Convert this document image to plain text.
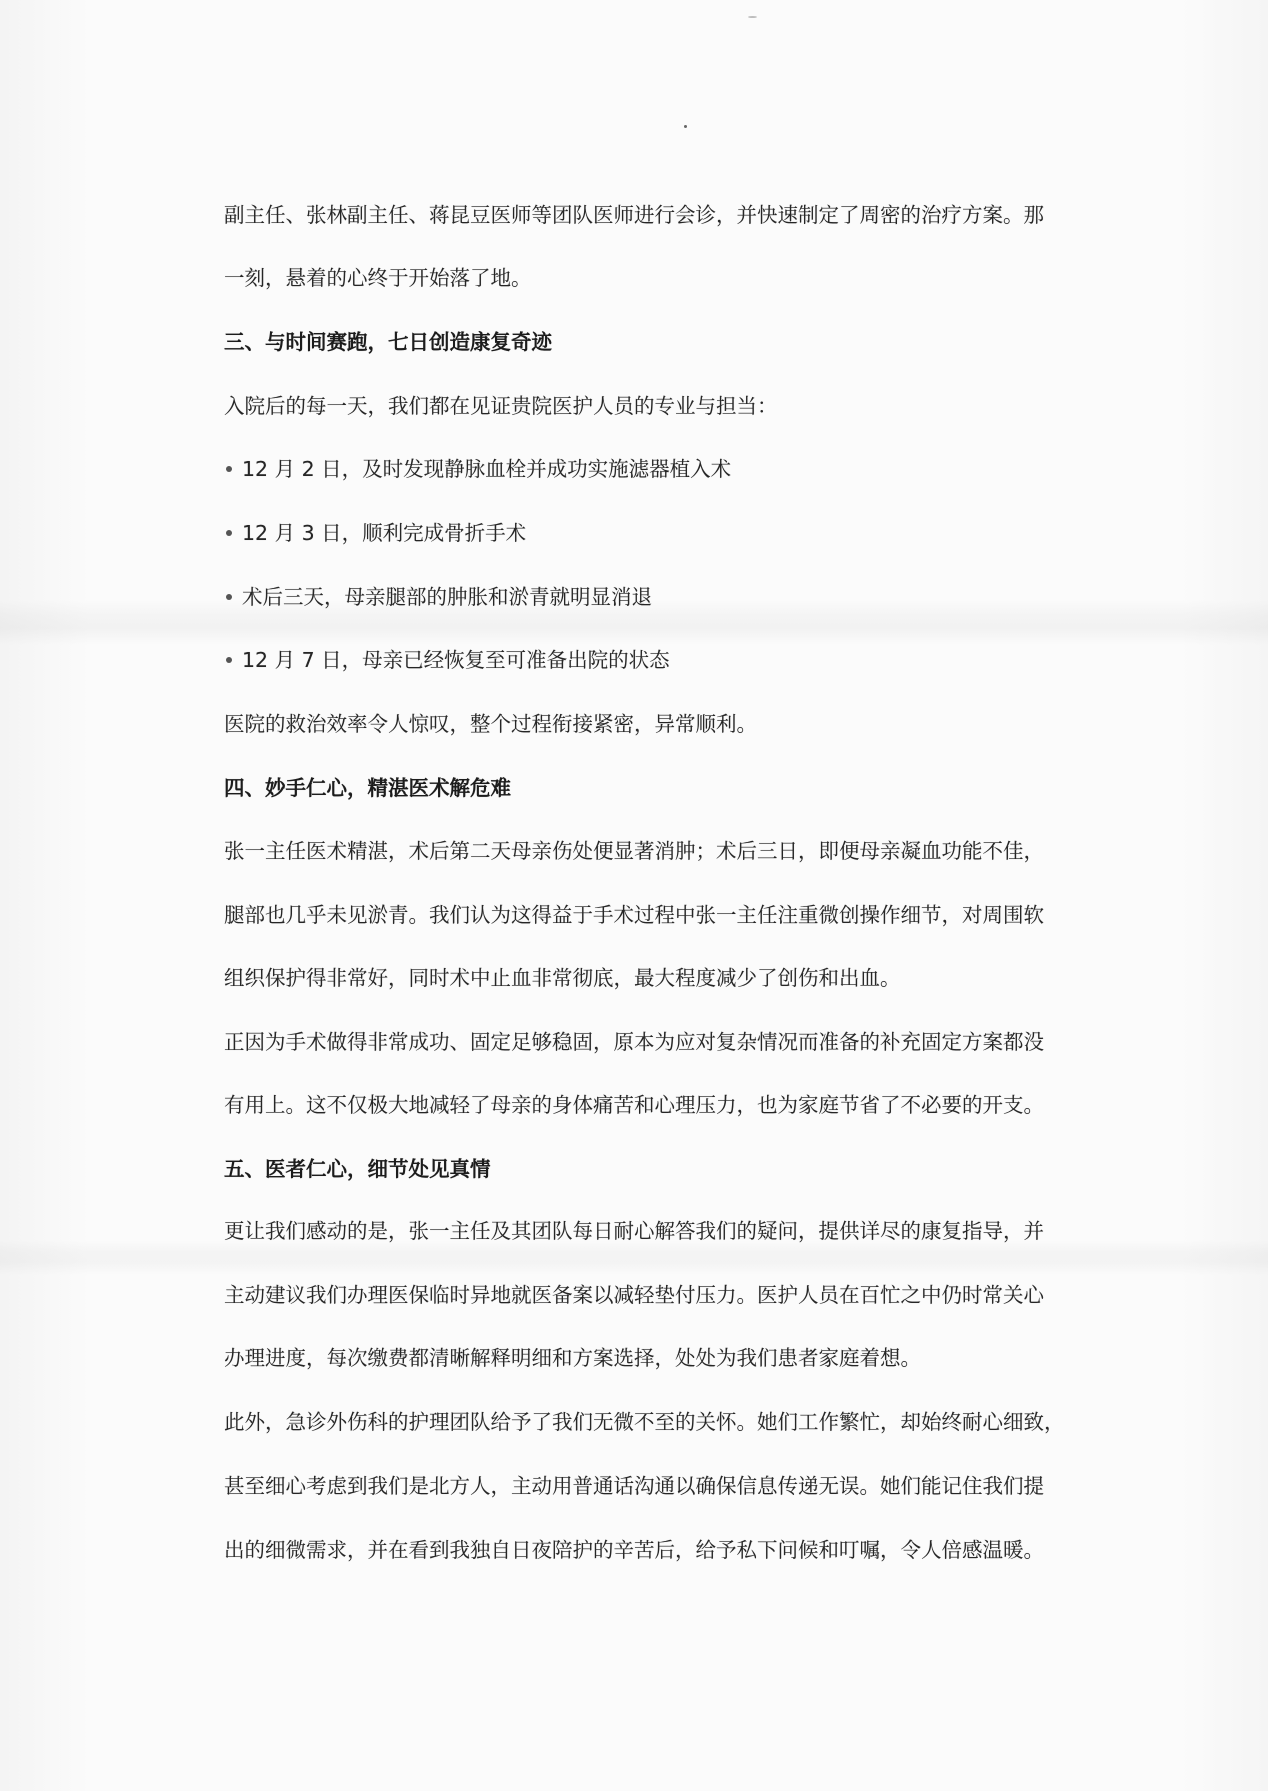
副主任、张林副主任、蒋昆豆医师等团队医师进行会诊，并快速制定了周密的治疗方案。那
一刻，悬着的心终于开始落了地。
三、与时间赛跑，七日创造康复奇迹
入院后的每一天，我们都在见证贵院医护人员的专业与担当：
12 月 2 日，及时发现静脉血栓并成功实施滤器植入术
12 月 3 日，顺利完成骨折手术
术后三天，母亲腿部的肿胀和淤青就明显消退
12 月 7 日，母亲已经恢复至可准备出院的状态
医院的救治效率令人惊叹，整个过程衔接紧密，异常顺利。
四、妙手仁心，精湛医术解危难
张一主任医术精湛，术后第二天母亲伤处便显著消肿；术后三日，即便母亲凝血功能不佳，
腿部也几乎未见淤青。我们认为这得益于手术过程中张一主任注重微创操作细节，对周围软
组织保护得非常好，同时术中止血非常彻底，最大程度减少了创伤和出血。
正因为手术做得非常成功、固定足够稳固，原本为应对复杂情况而准备的补充固定方案都没
有用上。这不仅极大地减轻了母亲的身体痛苦和心理压力，也为家庭节省了不必要的开支。
五、医者仁心，细节处见真情
更让我们感动的是，张一主任及其团队每日耐心解答我们的疑问，提供详尽的康复指导，并
主动建议我们办理医保临时异地就医备案以减轻垫付压力。医护人员在百忙之中仍时常关心
办理进度，每次缴费都清晰解释明细和方案选择，处处为我们患者家庭着想。
此外，急诊外伤科的护理团队给予了我们无微不至的关怀。她们工作繁忙，却始终耐心细致，
甚至细心考虑到我们是北方人，主动用普通话沟通以确保信息传递无误。她们能记住我们提
出的细微需求，并在看到我独自日夜陪护的辛苦后，给予私下问候和叮嘱，令人倍感温暖。
